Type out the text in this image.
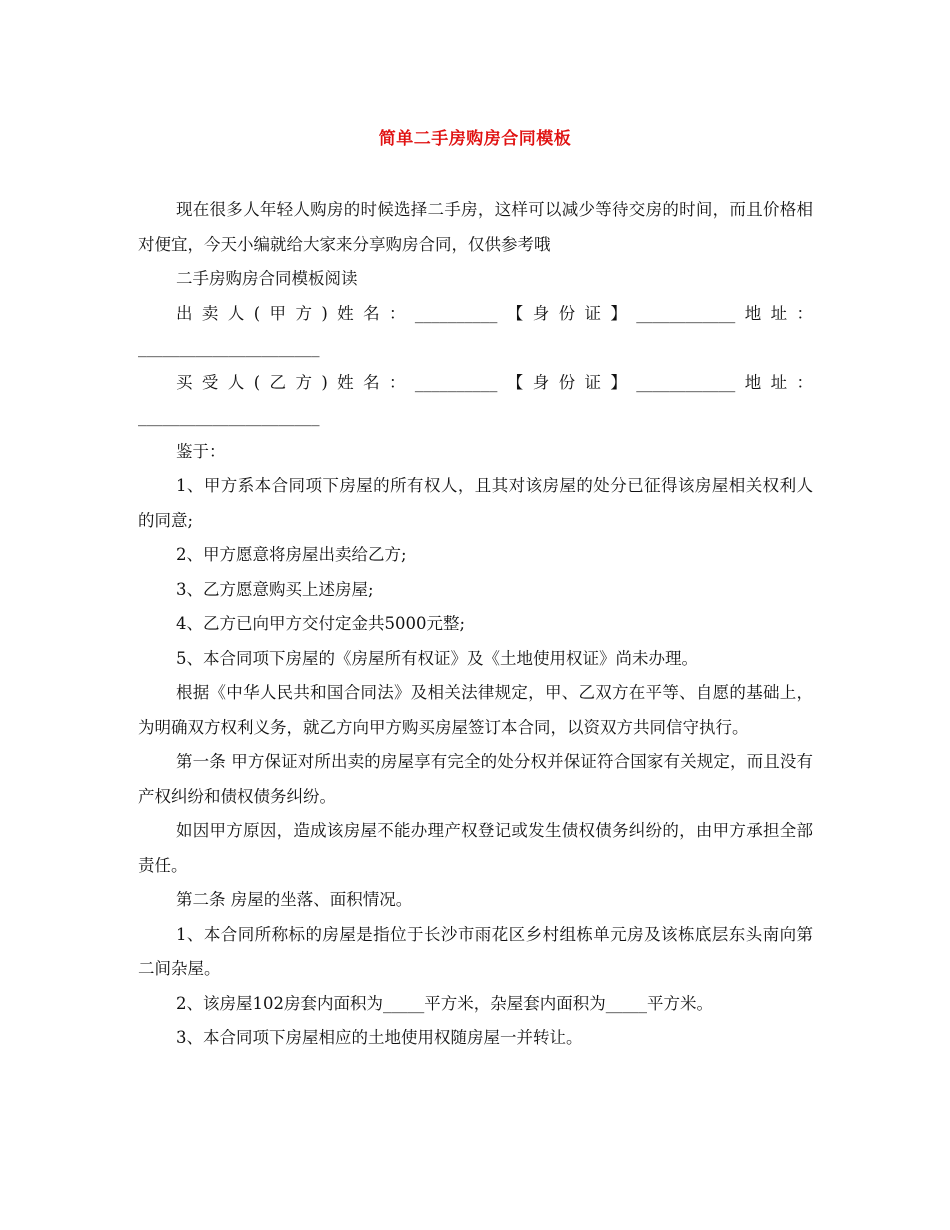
简单二手房购房合同模板

现在很多人年轻人购房的时候选择二手房，这样可以减少等待交房的时间，而且价格相对便宜，今天小编就给大家来分享购房合同，仅供参考哦

二手房购房合同模板阅读

出卖人(甲方)姓名：__________【身份证】____________地址：______________________

买受人(乙方)姓名：__________【身份证】____________地址：______________________

鉴于：

1、甲方系本合同项下房屋的所有权人，且其对该房屋的处分已征得该房屋相关权利人的同意;

2、甲方愿意将房屋出卖给乙方;

3、乙方愿意购买上述房屋;

4、乙方已向甲方交付定金共5000元整;

5、本合同项下房屋的《房屋所有权证》及《土地使用权证》尚未办理。

根据《中华人民共和国合同法》及相关法律规定，甲、乙双方在平等、自愿的基础上，为明确双方权利义务，就乙方向甲方购买房屋签订本合同，以资双方共同信守执行。

第一条 甲方保证对所出卖的房屋享有完全的处分权并保证符合国家有关规定，而且没有产权纠纷和债权债务纠纷。

如因甲方原因，造成该房屋不能办理产权登记或发生债权债务纠纷的，由甲方承担全部责任。

第二条 房屋的坐落、面积情况。

1、本合同所称标的房屋是指位于长沙市雨花区乡村组栋单元房及该栋底层东头南向第二间杂屋。

2、该房屋102房套内面积为_____平方米，杂屋套内面积为_____平方米。

3、本合同项下房屋相应的土地使用权随房屋一并转让。
